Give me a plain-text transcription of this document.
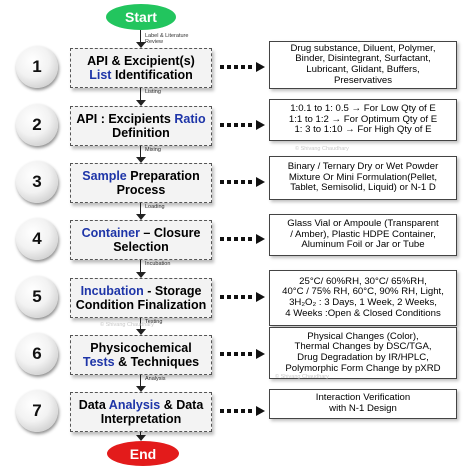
Start
End
Label & Literature
Review
Listing
Mixing
Loading
Incubation
Testing
Analysis
1	API & Excipient(s)
List Identification
Drug substance, Diluent, Polymer,
Binder, Disintegrant, Surfactant,
Lubricant, Glidant, Buffers,
Preservatives
2	API : Excipients Ratio
Definition
1:0.1 to 1: 0.5 → For Low Qty of E
1:1 to 1:2 → For Optimum Qty of E
1: 3 to 1:10 → For High Qty of E
3	Sample Preparation
Process
Binary / Ternary Dry or Wet Powder
Mixture Or Mini Formulation(Pellet,
Tablet, Semisolid, Liquid) or N-1 D
4	Container – Closure
Selection
Glass Vial or Ampoule (Transparent
/ Amber), Plastic HDPE Container,
Aluminum Foil or Jar or Tube
5	Incubation - Storage
Condition Finalization
25°C/ 60%RH, 30°C/ 65%RH,
40°C / 75% RH, 60°C, 90% RH, Light,
3H₂O₂ : 3 Days, 1 Week, 2 Weeks,
4 Weeks :Open & Closed Conditions
6	Physicochemical
Tests & Techniques
Physical Changes (Color),
Thermal Changes by DSC/TGA,
Drug Degradation by IR/HPLC,
Polymorphic Form Change by pXRD
7	Data Analysis & Data
Interpretation
Interaction Verification
with N-1 Design
© Shivang Chaudhary
© Shivang Chaudhary
© Shivang Chaudhary
